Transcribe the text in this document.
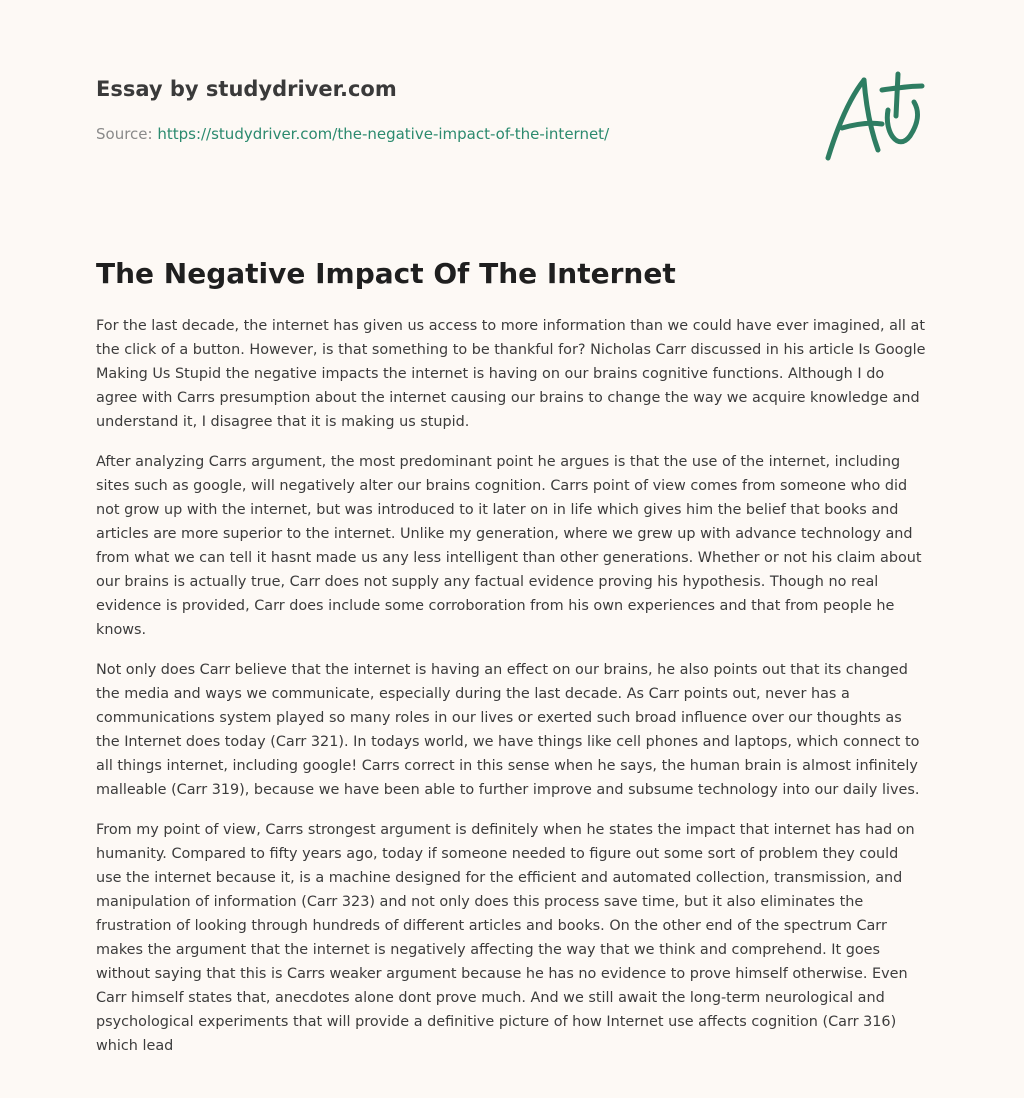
Essay by studydriver.com
Source: https://studydriver.com/the-negative-impact-of-the-internet/
The Negative Impact Of The Internet

For the last decade, the internet has given us access to more information than we could have ever imagined, all at the click of a button. However, is that something to be thankful for? Nicholas Carr discussed in his article Is Google Making Us Stupid the negative impacts the internet is having on our brains cognitive functions. Although I do agree with Carrs presumption about the internet causing our brains to change the way we acquire knowledge and understand it, I disagree that it is making us stupid.

After analyzing Carrs argument, the most predominant point he argues is that the use of the internet, including sites such as google, will negatively alter our brains cognition. Carrs point of view comes from someone who did not grow up with the internet, but was introduced to it later on in life which gives him the belief that books and articles are more superior to the internet. Unlike my generation, where we grew up with advance technology and from what we can tell it hasnt made us any less intelligent than other generations. Whether or not his claim about our brains is actually true, Carr does not supply any factual evidence proving his hypothesis. Though no real evidence is provided, Carr does include some corroboration from his own experiences and that from people he knows.

Not only does Carr believe that the internet is having an effect on our brains, he also points out that its changed the media and ways we communicate, especially during the last decade. As Carr points out, never has a communications system played so many roles in our lives or exerted such broad influence over our thoughts as the Internet does today (Carr 321). In todays world, we have things like cell phones and laptops, which connect to all things internet, including google! Carrs correct in this sense when he says, the human brain is almost infinitely malleable (Carr 319), because we have been able to further improve and subsume technology into our daily lives.

From my point of view, Carrs strongest argument is definitely when he states the impact that internet has had on humanity. Compared to fifty years ago, today if someone needed to figure out some sort of problem they could use the internet because it, is a machine designed for the efficient and automated collection, transmission, and manipulation of information (Carr 323) and not only does this process save time, but it also eliminates the frustration of looking through hundreds of different articles and books. On the other end of the spectrum Carr makes the argument that the internet is negatively affecting the way that we think and comprehend. It goes without saying that this is Carrs weaker argument because he has no evidence to prove himself otherwise. Even Carr himself states that, anecdotes alone dont prove much. And we still await the long-term neurological and psychological experiments that will provide a definitive picture of how Internet use affects cognition (Carr 316) which lead
